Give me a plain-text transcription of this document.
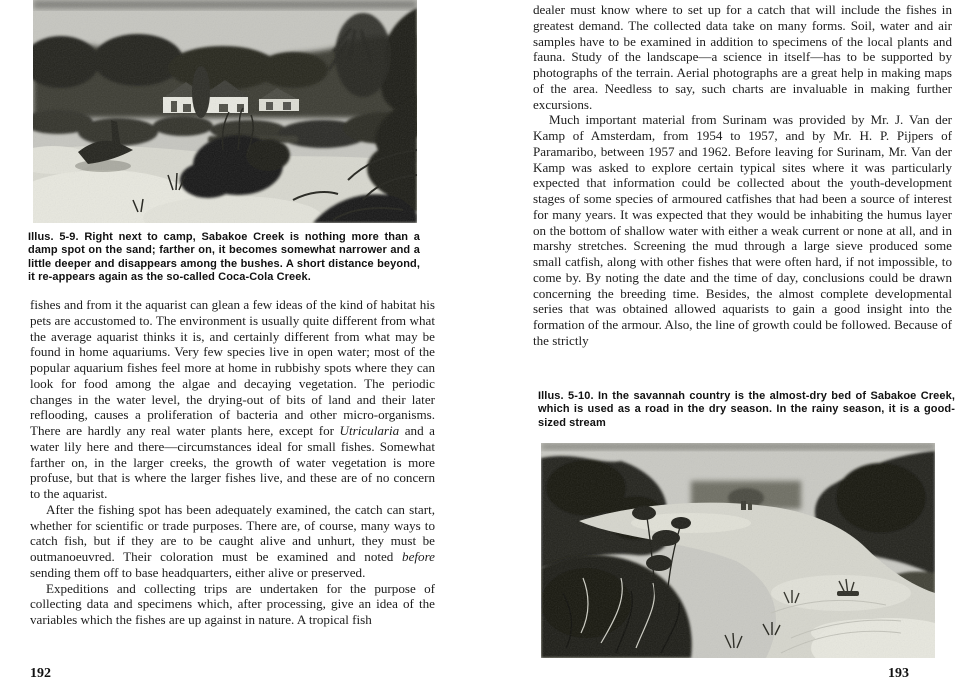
Illus. 5-9. Right next to camp, Sabakoe Creek is nothing more than a damp spot on the sand; farther on, it becomes somewhat narrower and a little deeper and disappears among the bushes. A short distance beyond, it re-appears again as the so-called Coca-Cola Creek.

fishes and from it the aquarist can glean a few ideas of the kind of habitat his pets are accustomed to. The environment is usually quite different from what the average aquarist thinks it is, and certainly different from what may be found in home aquariums. Very few species live in open water; most of the popular aquarium fishes feel more at home in rubbishy spots where they can look for food among the algae and decaying vegetation. The periodic changes in the water level, the drying-out of bits of land and their later reflooding, causes a proliferation of bacteria and other micro-organisms. There are hardly any real water plants here, except for Utricularia and a water lily here and there—circumstances ideal for small fishes. Somewhat farther on, in the larger creeks, the growth of water vegetation is more profuse, but that is where the larger fishes live, and these are of no concern to the aquarist.

After the fishing spot has been adequately examined, the catch can start, whether for scientific or trade purposes. There are, of course, many ways to catch fish, but if they are to be caught alive and unhurt, they must be outmanoeuvred. Their coloration must be examined and noted before sending them off to base headquarters, either alive or preserved.

Expeditions and collecting trips are undertaken for the purpose of collecting data and specimens which, after processing, give an idea of the variables which the fishes are up against in nature. A tropical fish

192

dealer must know where to set up for a catch that will include the fishes in greatest demand. The collected data take on many forms. Soil, water and air samples have to be examined in addition to specimens of the local plants and fauna. Study of the landscape—a science in itself—has to be supported by photographs of the terrain. Aerial photographs are a great help in making maps of the area. Needless to say, such charts are invaluable in making further excursions.

Much important material from Surinam was provided by Mr. J. Van der Kamp of Amsterdam, from 1954 to 1957, and by Mr. H. P. Pijpers of Paramaribo, between 1957 and 1962. Before leaving for Surinam, Mr. Van der Kamp was asked to explore certain typical sites where it was particularly expected that information could be collected about the youth-development stages of some species of armoured catfishes that had been a source of interest for many years. It was expected that they would be inhabiting the humus layer on the bottom of shallow water with either a weak current or none at all, and in marshy stretches. Screening the mud through a large sieve produced some small catfish, along with other fishes that were often hard, if not impossible, to come by. By noting the date and the time of day, conclusions could be drawn concerning the breeding time. Besides, the almost complete developmental series that was obtained allowed aquarists to gain a good insight into the formation of the armour. Also, the line of growth could be followed. Because of the strictly

Illus. 5-10. In the savannah country is the almost-dry bed of Sabakoe Creek, which is used as a road in the dry season. In the rainy season, it is a good-sized stream

193
